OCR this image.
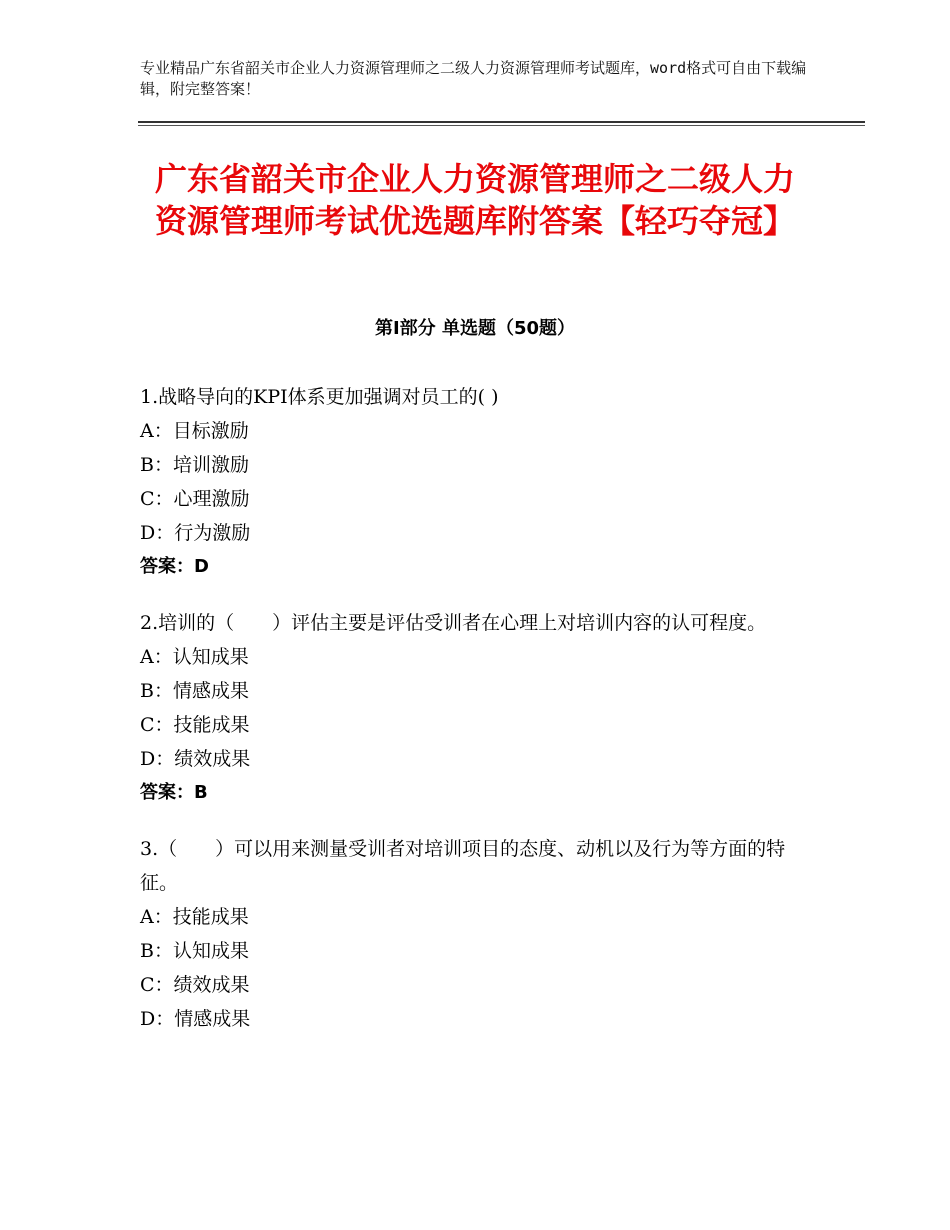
专业精品广东省韶关市企业人力资源管理师之二级人力资源管理师考试题库，word格式可自由下载编辑，附完整答案！
广东省韶关市企业人力资源管理师之二级人力资源管理师考试优选题库附答案【轻巧夺冠】
第Ⅰ部分 单选题（50题）

1.战略导向的KPI体系更加强调对员工的( )

A：目标激励

B：培训激励

C：心理激励

D：行为激励

答案：D

2.培训的（　　）评估主要是评估受训者在心理上对培训内容的认可程度。

A：认知成果

B：情感成果

C：技能成果

D：绩效成果

答案：B

3.（　　）可以用来测量受训者对培训项目的态度、动机以及行为等方面的特征。

A：技能成果

B：认知成果

C：绩效成果

D：情感成果
